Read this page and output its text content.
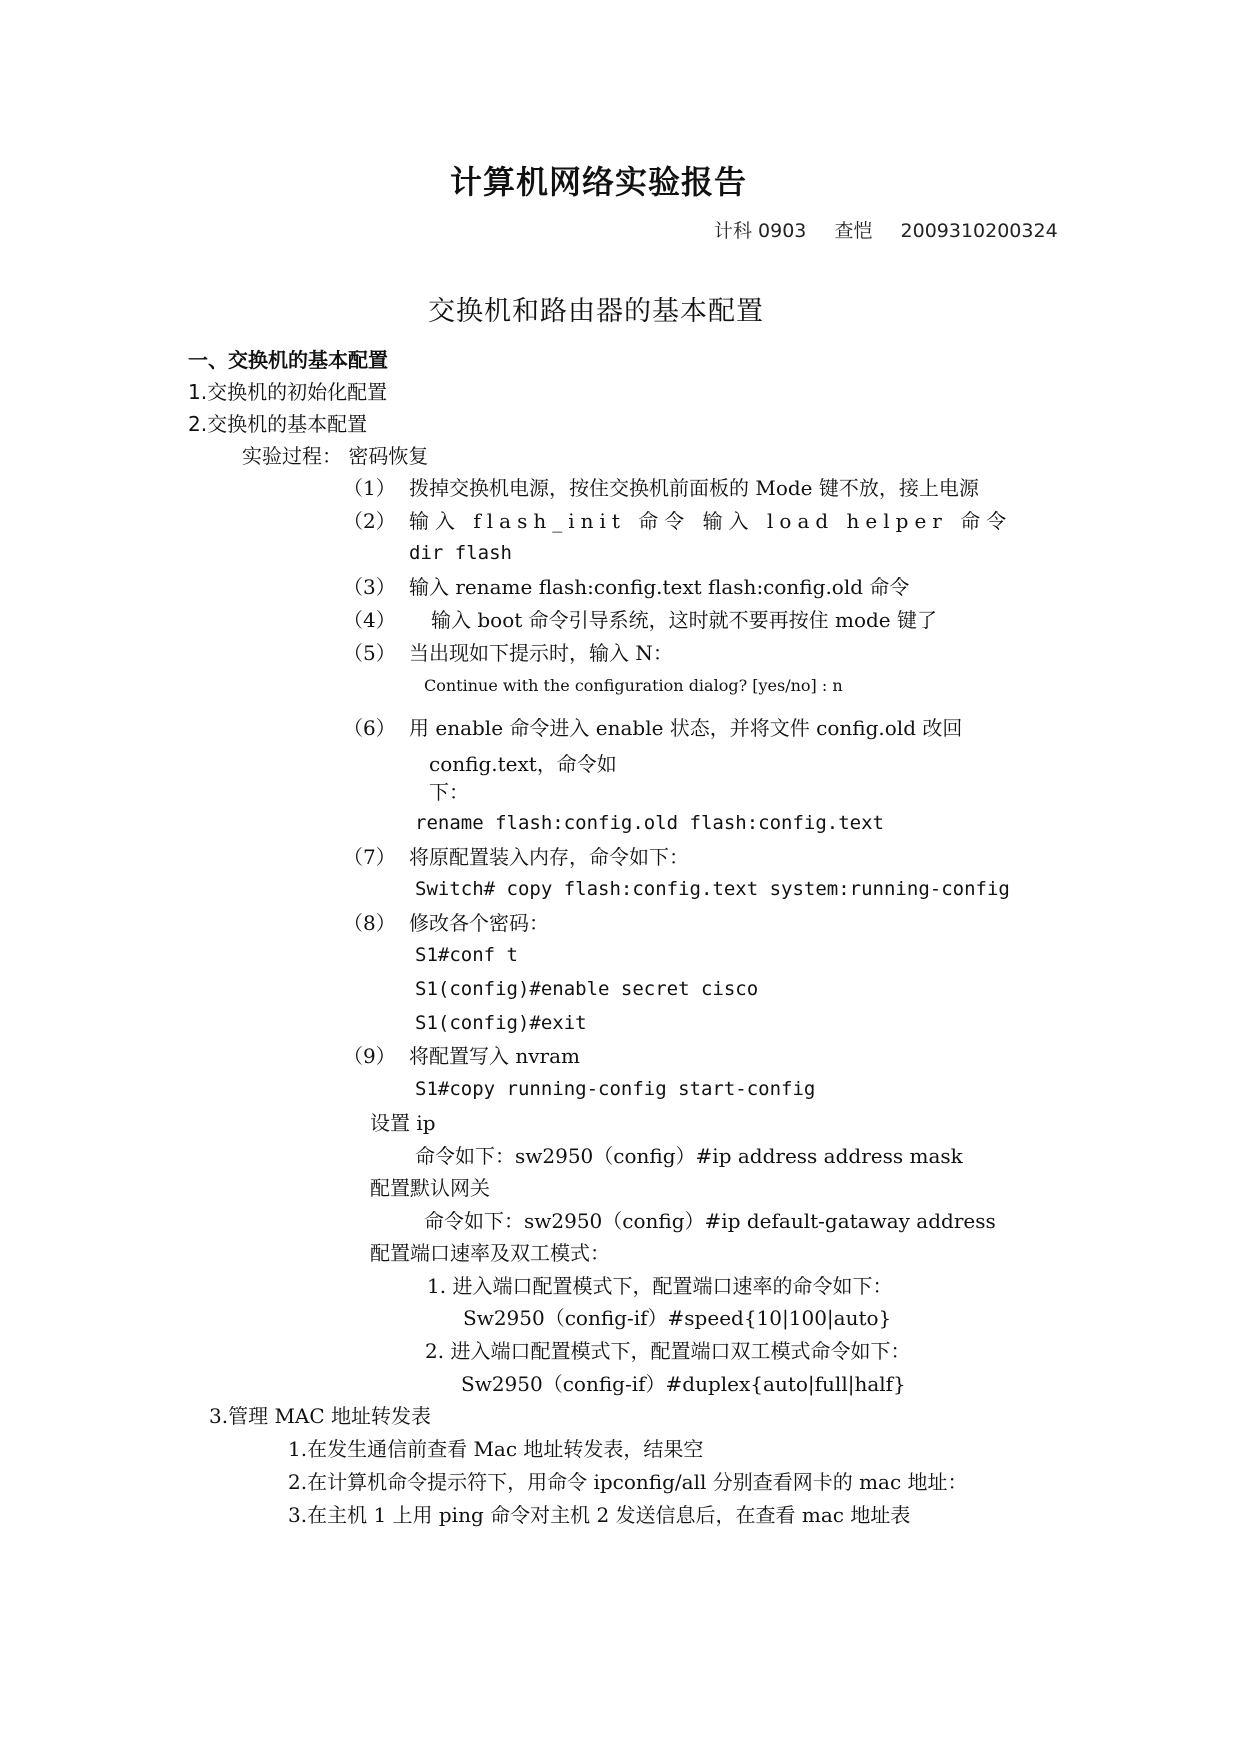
计算机网络实验报告
计科 0903 查恺 2009310200324
交换机和路由器的基本配置
一、交换机的基本配置
1.交换机的初始化配置
2.交换机的基本配置
实验过程： 密码恢复
（1） 拨掉交换机电源，按住交换机前面板的 Mode 键不放，接上电源
（2） 输入 flash_init 命令 输入 load helper 命令
dir flash
（3） 输入 rename flash:config.text flash:config.old 命令
（4） 输入 boot 命令引导系统，这时就不要再按住 mode 键了
（5） 当出现如下提示时，输入 N：
Continue with the configuration dialog? [yes/no] : n
（6） 用 enable 命令进入 enable 状态，并将文件 config.old 改回
config.text，命令如
下：
rename flash:config.old flash:config.text
（7） 将原配置装入内存，命令如下：
Switch# copy flash:config.text system:running-config
（8） 修改各个密码：
S1#conf t
S1(config)#enable secret cisco
S1(config)#exit
（9） 将配置写入 nvram
S1#copy running-config start-config
设置 ip
命令如下：sw2950（config）#ip address address mask
配置默认网关
命令如下：sw2950（config）#ip default-gataway address
配置端口速率及双工模式：
1. 进入端口配置模式下，配置端口速率的命令如下：
Sw2950（config-if）#speed{10|100|auto}
2. 进入端口配置模式下，配置端口双工模式命令如下：
Sw2950（config-if）#duplex{auto|full|half}
3.管理 MAC 地址转发表
1.在发生通信前查看 Mac 地址转发表，结果空
2.在计算机命令提示符下，用命令 ipconfig/all 分别查看网卡的 mac 地址：
3.在主机 1 上用 ping 命令对主机 2 发送信息后，在查看 mac 地址表
